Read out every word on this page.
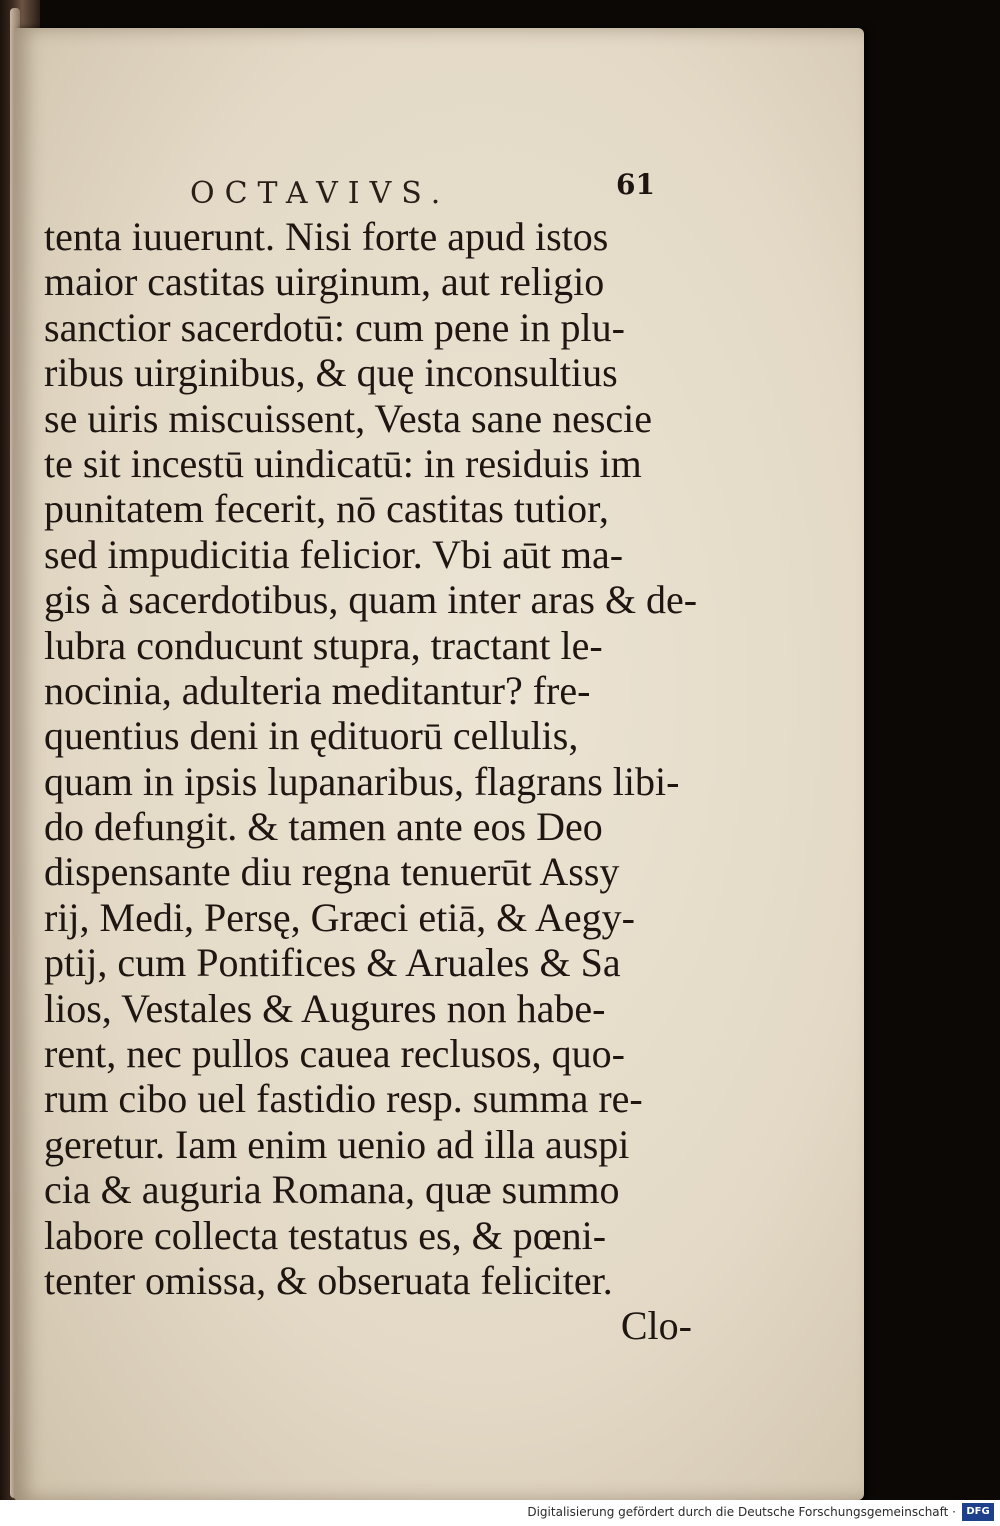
OCTAVIVS.	61
tenta iuuerunt. Nisi forte apud istos
maior castitas uirginum, aut religio
sanctior sacerdotū: cum pene in plu-
ribus uirginibus, & quę inconsultius
se uiris miscuissent, Vesta sane nescie
te sit incestū uindicatū: in residuis im
punitatem fecerit, nō castitas tutior,
sed impudicitia felicior. Vbi aūt ma-
gis à sacerdotibus, quam inter aras & de-
lubra conducunt stupra, tractant le-
nocinia, adulteria meditantur? fre-
quentius deni in ędituorū cellulis,
quam in ipsis lupanaribus, flagrans libi-
do defungit. & tamen ante eos Deo
dispensante diu regna tenuerūt Assy
rij, Medi, Persę, Græci etiā, & Aegy-
ptij, cum Pontifices & Aruales & Sa
lios, Vestales & Augures non habe-
rent, nec pullos cauea reclusos, quo-
rum cibo uel fastidio resp. summa re-
geretur. Iam enim uenio ad illa auspi
cia & auguria Romana, quæ summo
labore collecta testatus es, & pœni-
tenter omissa, & obseruata feliciter.
Clo-
Digitalisierung gefördert durch die Deutsche Forschungsgemeinschaft ·	DFG
